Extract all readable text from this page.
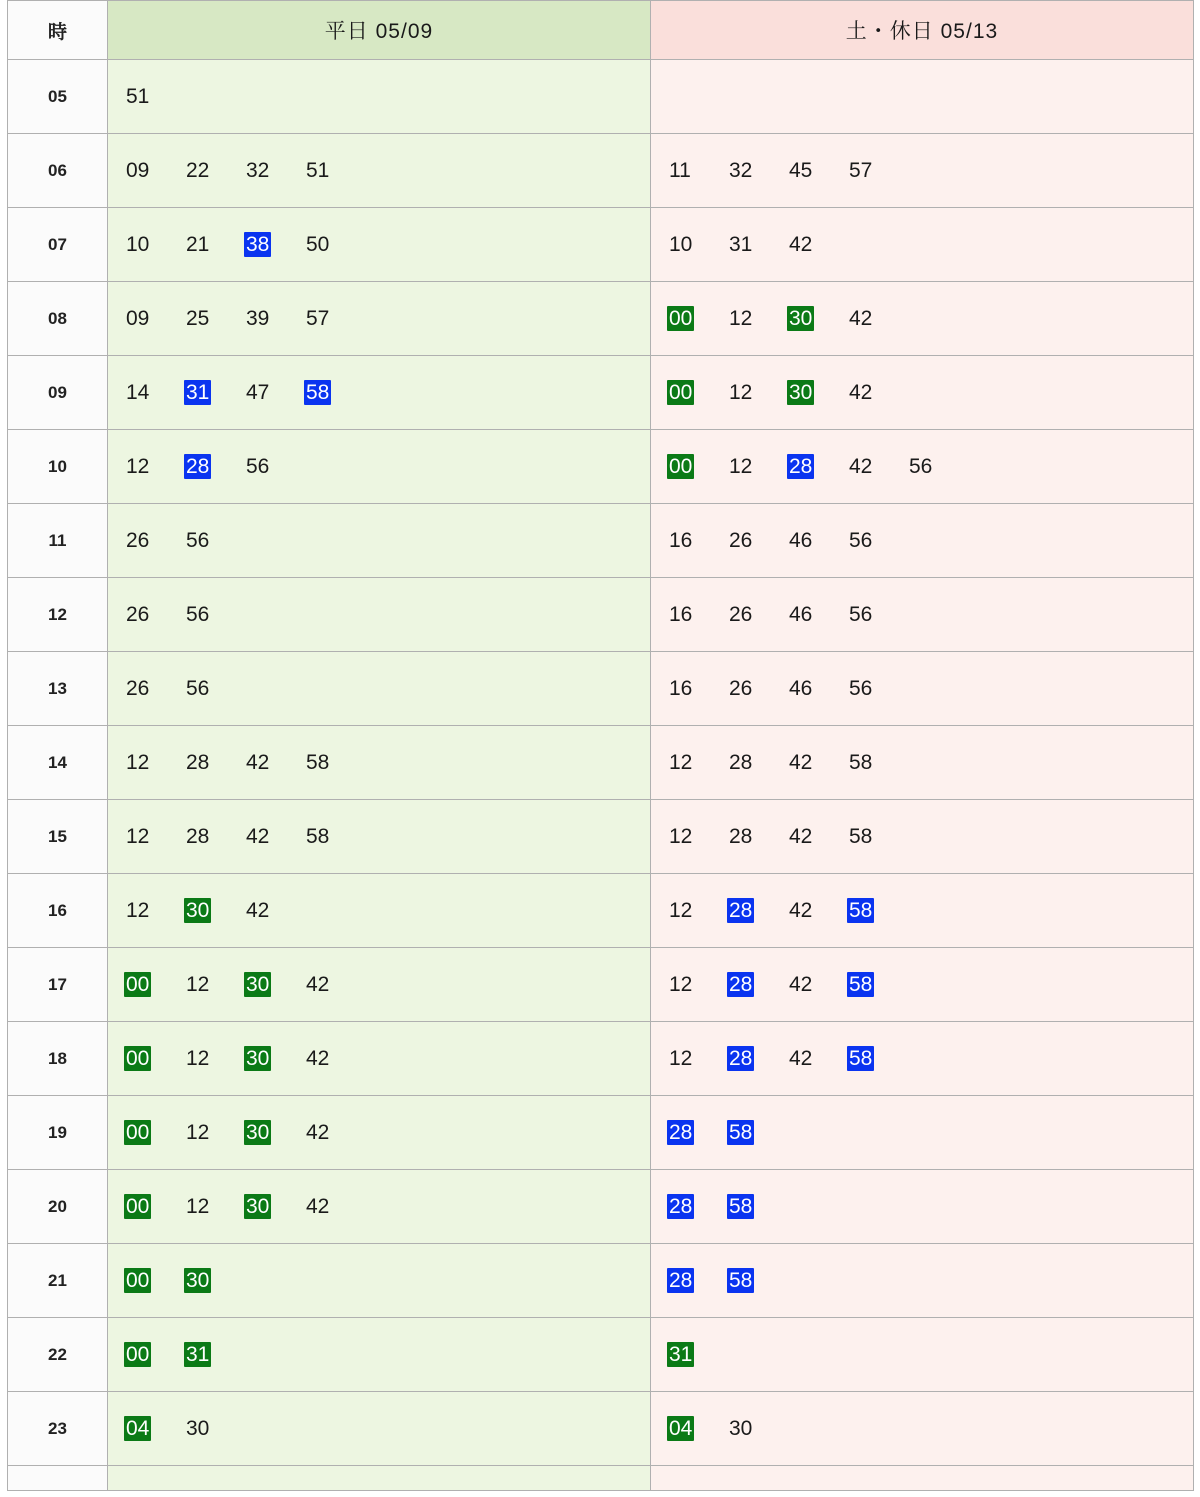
時	平日 05/09	土・休日 05/13
05	51	

06	09 22 32 51	11 32 45 57

07	10 21 38 50	10 31 42

08	09 25 39 57	00 12 30 42

09	14 31 47 58	00 12 30 42

10	12 28 56	00 12 28 42 56

11	26 56	16 26 46 56

12	26 56	16 26 46 56

13	26 56	16 26 46 56

14	12 28 42 58	12 28 42 58

15	12 28 42 58	12 28 42 58

16	12 30 42	12 28 42 58

17	00 12 30 42	12 28 42 58

18	00 12 30 42	12 28 42 58

19	00 12 30 42	28 58

20	00 12 30 42	28 58

21	00 30	28 58

22	00 31	31

23	04 30	04 30
